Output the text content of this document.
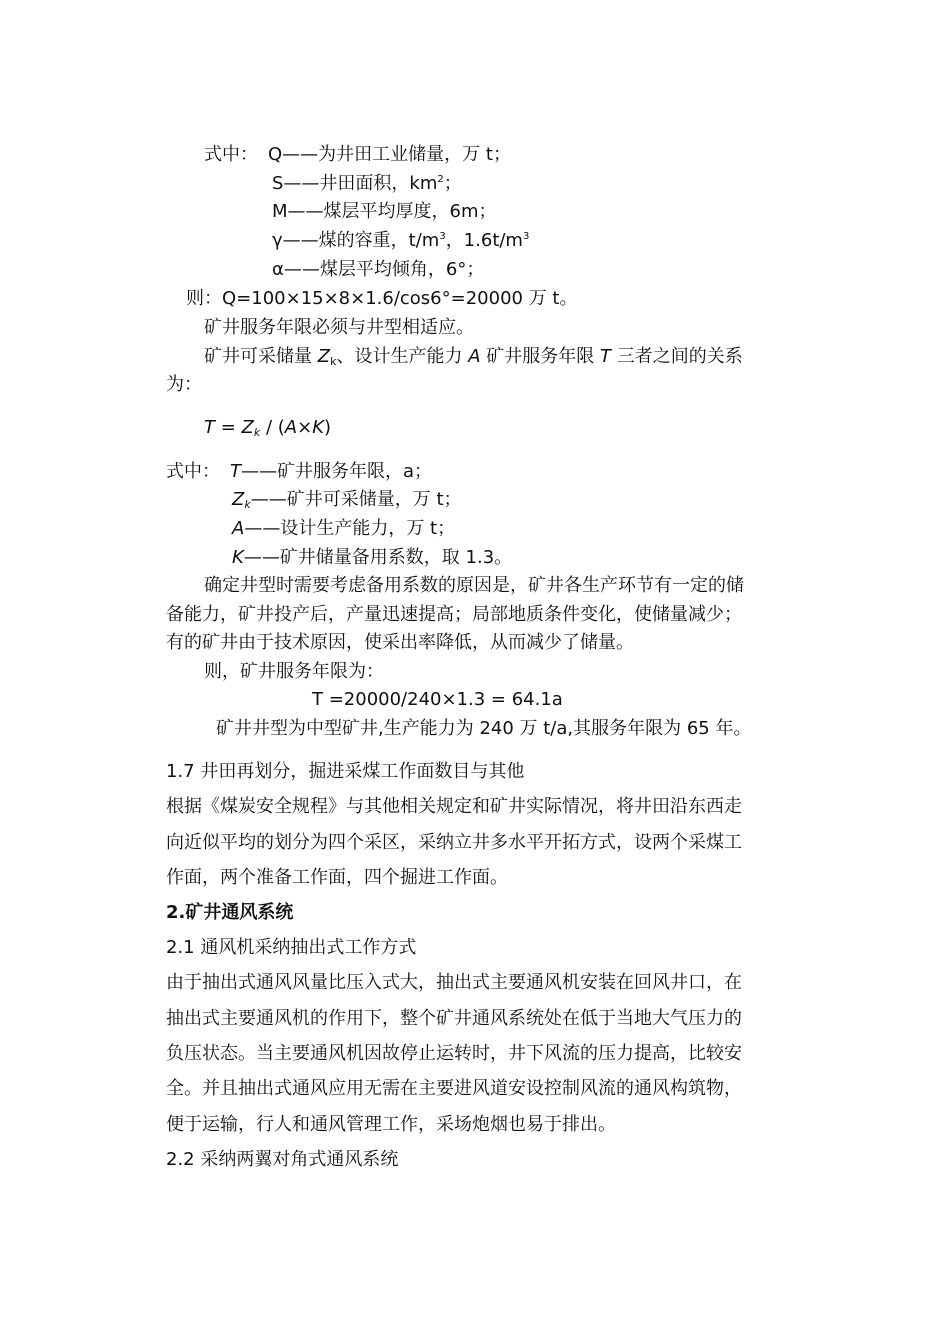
式中： Q——为井田工业储量，万 t；
S——井田面积，$km^2$；
M——煤层平均厚度，6m；
γ——煤的容重，$t/m^3$，$1.6t/m^3$
α——煤层平均倾角，6°；
则：Q=100×15×8×1.6/cos6°=20000 万 t。
矿井服务年限必须与井型相适应。
矿井可采储量 $Z_k$、设计生产能力 A 矿井服务年限 T 三者之间的关系
为：
$T = Z_k / (A\times K)$
式中： T——矿井服务年限，a；
$Z_k——$矿井可采储量，万 t；
A——设计生产能力，万 t；
K——矿井储量备用系数，取 1.3。
确定井型时需要考虑备用系数的原因是，矿井各生产环节有一定的储
备能力，矿井投产后，产量迅速提高；局部地质条件变化，使储量减少；
有的矿井由于技术原因，使采出率降低，从而减少了储量。
则，矿井服务年限为：
T =20000/240×1.3 = 64.1a
矿井井型为中型矿井,生产能力为 240 万 t/a,其服务年限为 65 年。
1.7 井田再划分，掘进采煤工作面数目与其他
根据《煤炭安全规程》与其他相关规定和矿井实际情况，将井田沿东西走
向近似平均的划分为四个采区，采纳立井多水平开拓方式，设两个采煤工
作面，两个准备工作面，四个掘进工作面。
2.矿井通风系统
2.1 通风机采纳抽出式工作方式
由于抽出式通风风量比压入式大，抽出式主要通风机安装在回风井口，在
抽出式主要通风机的作用下，整个矿井通风系统处在低于当地大气压力的
负压状态。当主要通风机因故停止运转时，井下风流的压力提高，比较安
全。并且抽出式通风应用无需在主要进风道安设控制风流的通风构筑物，
便于运输，行人和通风管理工作，采场炮烟也易于排出。
2.2 采纳两翼对角式通风系统
